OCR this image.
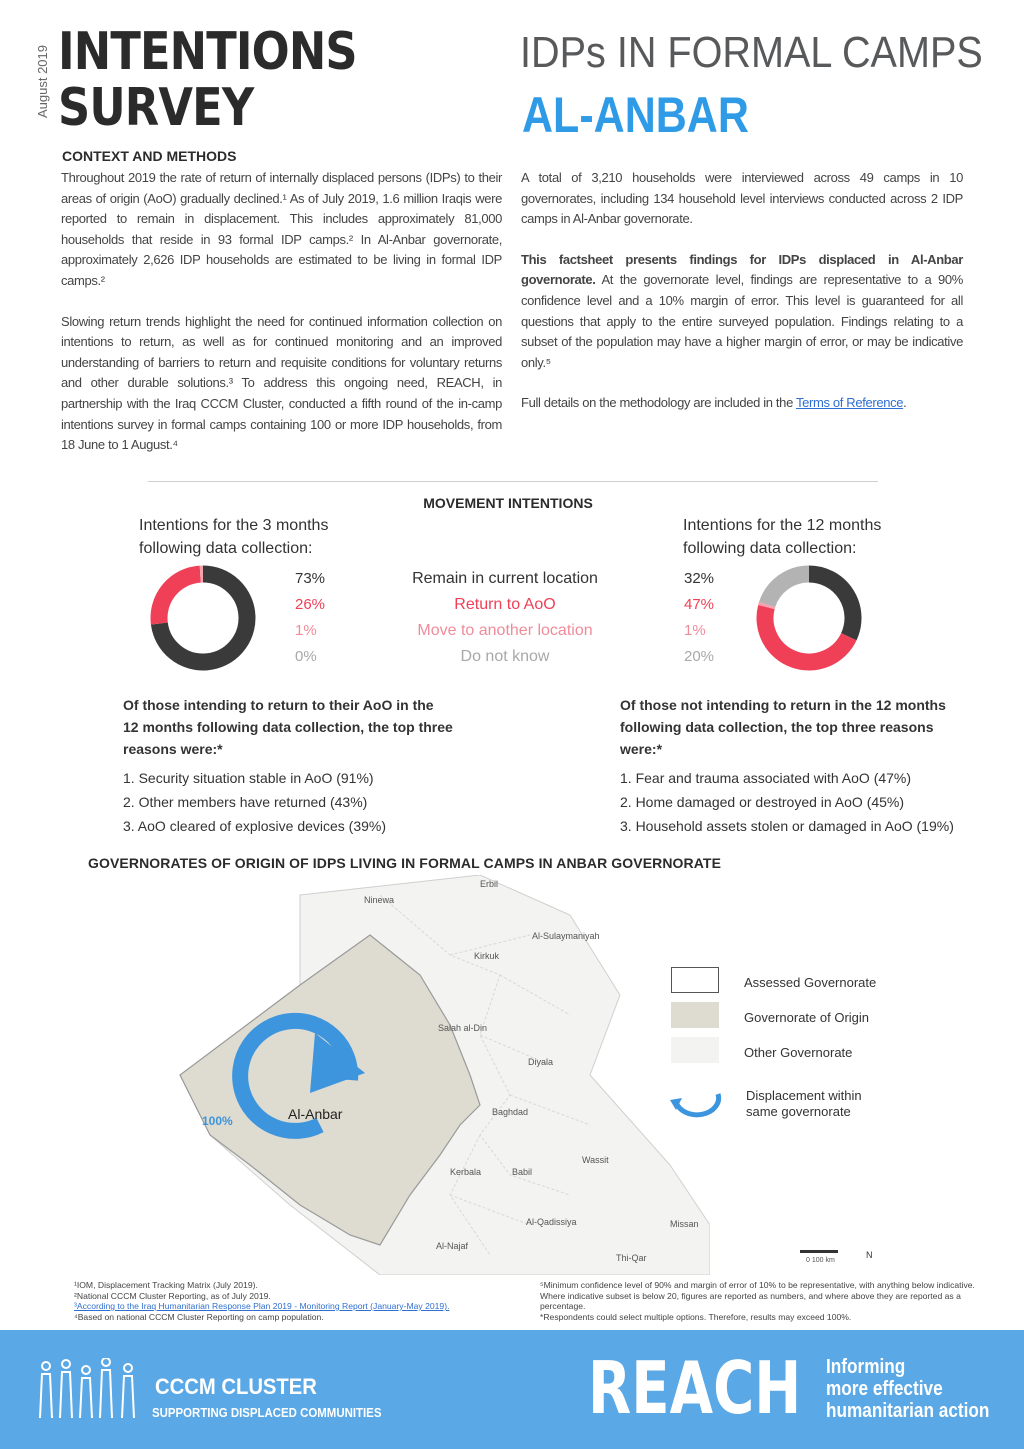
August 2019 INTENTIONS
SURVEY
IDPs IN FORMAL CAMPS
AL-ANBAR
CONTEXT AND METHODS

Throughout 2019 the rate of return of internally displaced persons (IDPs) to their areas of origin (AoO) gradually declined.¹ As of July 2019, 1.6 million Iraqis were reported to remain in displacement. This includes approximately 81,000 households that reside in 93 formal IDP camps.² In Al-Anbar governorate, approximately 2,626 IDP households are estimated to be living in formal IDP camps.²

Slowing return trends highlight the need for continued information collection on intentions to return, as well as for continued monitoring and an improved understanding of barriers to return and requisite conditions for voluntary returns and other durable solutions.³ To address this ongoing need, REACH, in partnership with the Iraq CCCM Cluster, conducted a fifth round of the in-camp intentions survey in formal camps containing 100 or more IDP households, from 18 June to 1 August.⁴

A total of 3,210 households were interviewed across 49 camps in 10 governorates, including 134 household level interviews conducted across 2 IDP camps in Al-Anbar governorate.

This factsheet presents findings for IDPs displaced in Al-Anbar governorate. At the governorate level, findings are representative to a 90% confidence level and a 10% margin of error. This level is guaranteed for all questions that apply to the entire surveyed population. Findings relating to a subset of the population may have a higher margin of error, or may be indicative only.⁵

Full details on the methodology are included in the Terms of Reference.

MOVEMENT INTENTIONS
Intentions for the 3 months
following data collection:
Intentions for the 12 months
following data collection:
73%
26%
1%
0%
Remain in current location
Return to AoO
Move to another location
Do not know
32%
47%
1%
20%
Of those intending to return to their AoO in the 12 months following data collection, the top three reasons were:*
1. Security situation stable in AoO (91%)
2. Other members have returned (43%)
3. AoO cleared of explosive devices (39%)
Of those not intending to return in the 12 months following data collection, the top three reasons were:*
1. Fear and trauma associated with AoO (47%)
2. Home damaged or destroyed in AoO (45%)
3. Household assets stolen or damaged in AoO (19%)
GOVERNORATES OF ORIGIN OF IDPS LIVING IN FORMAL CAMPS IN ANBAR GOVERNORATE
Al-Anbar
100%
Ninewa
Erbil
Al-Sulaymaniyah
Kirkuk
Salah al-Din
Diyala
Baghdad
Kerbala	Babil
Wassit
Al-Qadissiya	Missan
Thi-Qar
Al-Najaf
Assessed Governorate
Governorate of Origin
Other Governorate
Displacement within same governorate
0 100 km
N
¹IOM, Displacement Tracking Matrix (July 2019).
²National CCCM Cluster Reporting, as of July 2019.
³According to the Iraq Humanitarian Response Plan 2019 - Monitoring Report (January-May 2019).
⁴Based on national CCCM Cluster Reporting on camp population.
⁵Minimum confidence level of 90% and margin of error of 10% to be representative, with anything below indicative. Where indicative subset is below 20, figures are reported as numbers, and where above they are reported as a percentage.
*Respondents could select multiple options. Therefore, results may exceed 100%.
CCCM CLUSTER
SUPPORTING DISPLACED COMMUNITIES	REACH Informing
more effective
humanitarian action
